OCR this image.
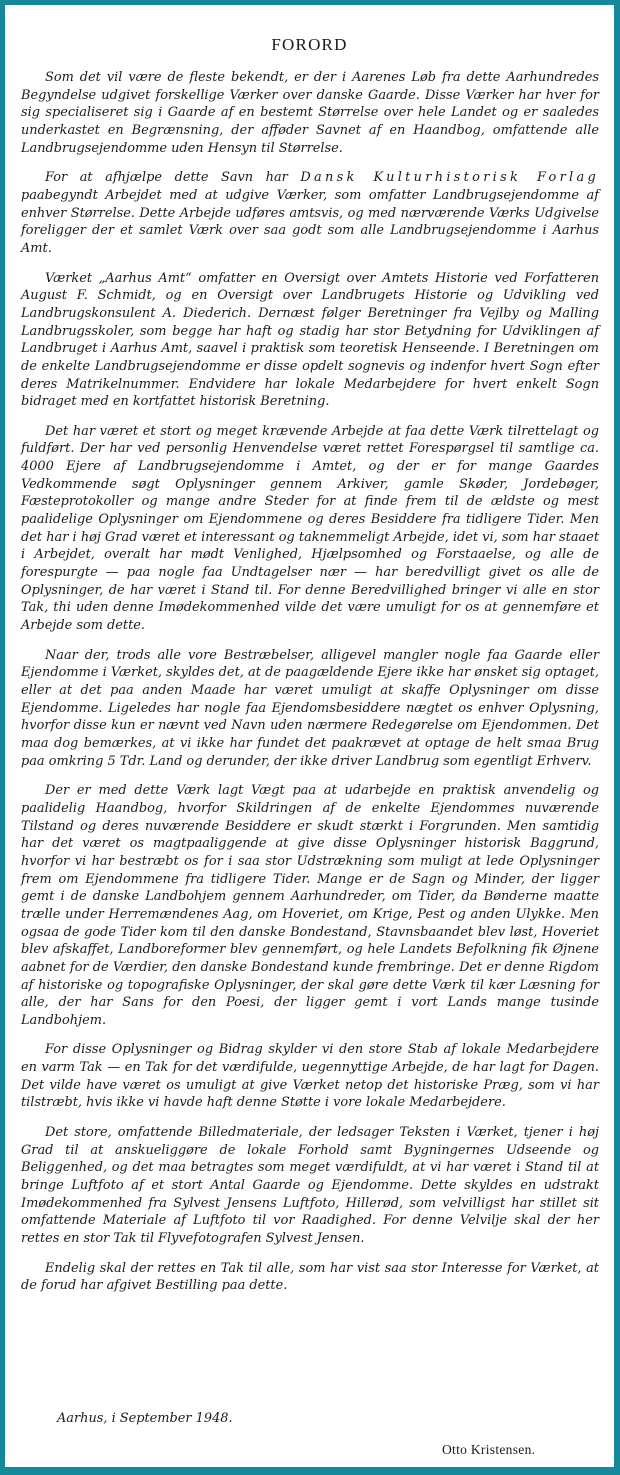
FORORD

Som det vil være de fleste bekendt, er der i Aarenes Løb fra dette Aarhundredes Begyndelse udgivet forskellige Værker over danske Gaarde. Disse Værker har hver for sig specialiseret sig i Gaarde af en bestemt Størrelse over hele Landet og er saaledes underkastet en Begrænsning, der afføder Savnet af en Haandbog, omfattende alle Landbrugsejendomme uden Hensyn til Størrelse.

For at afhjælpe dette Savn har Dansk Kulturhistorisk Forlag paabegyndt Arbejdet med at udgive Værker, som omfatter Landbrugsejendomme af enhver Størrelse. Dette Arbejde udføres amtsvis, og med nærværende Værks Udgivelse foreligger der et samlet Værk over saa godt som alle Landbrugsejendomme i Aarhus Amt.

Værket „Aarhus Amt“ omfatter en Oversigt over Amtets Historie ved Forfatteren August F. Schmidt, og en Oversigt over Landbrugets Historie og Udvikling ved Landbrugskonsulent A. Diederich. Dernæst følger Beretninger fra Vejlby og Malling Landbrugsskoler, som begge har haft og stadig har stor Betydning for Udviklingen af Landbruget i Aarhus Amt, saavel i praktisk som teoretisk Henseende. I Beretningen om de enkelte Landbrugsejendomme er disse opdelt sognevis og indenfor hvert Sogn efter deres Matrikelnummer. Endvidere har lokale Medarbejdere for hvert enkelt Sogn bidraget med en kortfattet historisk Beretning.

Det har været et stort og meget krævende Arbejde at faa dette Værk tilrettelagt og fuldført. Der har ved personlig Henvendelse været rettet Forespørgsel til samtlige ca. 4000 Ejere af Landbrugsejendomme i Amtet, og der er for mange Gaardes Vedkommende søgt Oplysninger gennem Arkiver, gamle Skøder, Jordebøger, Fæsteprotokoller og mange andre Steder for at finde frem til de ældste og mest paalidelige Oplysninger om Ejendommene og deres Besiddere fra tidligere Tider. Men det har i høj Grad været et interessant og taknemmeligt Arbejde, idet vi, som har staaet i Arbejdet, overalt har mødt Venlighed, Hjælpsomhed og Forstaaelse, og alle de forespurgte — paa nogle faa Undtagelser nær — har beredvilligt givet os alle de Oplysninger, de har været i Stand til. For denne Beredvillighed bringer vi alle en stor Tak, thi uden denne Imødekommenhed vilde det være umuligt for os at gennemføre et Arbejde som dette.

Naar der, trods alle vore Bestræbelser, alligevel mangler nogle faa Gaarde eller Ejendomme i Værket, skyldes det, at de paagældende Ejere ikke har ønsket sig optaget, eller at det paa anden Maade har været umuligt at skaffe Oplysninger om disse Ejendomme. Ligeledes har nogle faa Ejendomsbesiddere nægtet os enhver Oplysning, hvorfor disse kun er nævnt ved Navn uden nærmere Redegørelse om Ejendommen. Det maa dog bemærkes, at vi ikke har fundet det paakrævet at optage de helt smaa Brug paa omkring 5 Tdr. Land og derunder, der ikke driver Landbrug som egentligt Erhverv.

Der er med dette Værk lagt Vægt paa at udarbejde en praktisk anvendelig og paalidelig Haandbog, hvorfor Skildringen af de enkelte Ejendommes nuværende Tilstand og deres nuværende Besiddere er skudt stærkt i Forgrunden. Men samtidig har det været os magtpaaliggende at give disse Oplysninger historisk Baggrund, hvorfor vi har bestræbt os for i saa stor Udstrækning som muligt at lede Oplysninger frem om Ejendommene fra tidligere Tider. Mange er de Sagn og Minder, der ligger gemt i de danske Landbohjem gennem Aarhundreder, om Tider, da Bønderne maatte trælle under Herremændenes Aag, om Hoveriet, om Krige, Pest og anden Ulykke. Men ogsaa de gode Tider kom til den danske Bondestand, Stavnsbaandet blev løst, Hoveriet blev afskaffet, Landboreformer blev gennemført, og hele Landets Befolkning fik Øjnene aabnet for de Værdier, den danske Bondestand kunde frembringe. Det er denne Rigdom af historiske og topografiske Oplysninger, der skal gøre dette Værk til kær Læsning for alle, der har Sans for den Poesi, der ligger gemt i vort Lands mange tusinde Landbohjem.

For disse Oplysninger og Bidrag skylder vi den store Stab af lokale Medarbejdere en varm Tak — en Tak for det værdifulde, uegennyttige Arbejde, de har lagt for Dagen. Det vilde have været os umuligt at give Værket netop det historiske Præg, som vi har tilstræbt, hvis ikke vi havde haft denne Støtte i vore lokale Medarbejdere.

Det store, omfattende Billedmateriale, der ledsager Teksten i Værket, tjener i høj Grad til at anskueliggøre de lokale Forhold samt Bygningernes Udseende og Beliggenhed, og det maa betragtes som meget værdifuldt, at vi har været i Stand til at bringe Luftfoto af et stort Antal Gaarde og Ejendomme. Dette skyldes en udstrakt Imødekommenhed fra Sylvest Jensens Luftfoto, Hillerød, som velvilligst har stillet sit omfattende Materiale af Luftfoto til vor Raadighed. For denne Velvilje skal der her rettes en stor Tak til Flyvefotografen Sylvest Jensen.

Endelig skal der rettes en Tak til alle, som har vist saa stor Interesse for Værket, at de forud har afgivet Bestilling paa dette.

Aarhus, i September 1948.
Otto Kristensen.
